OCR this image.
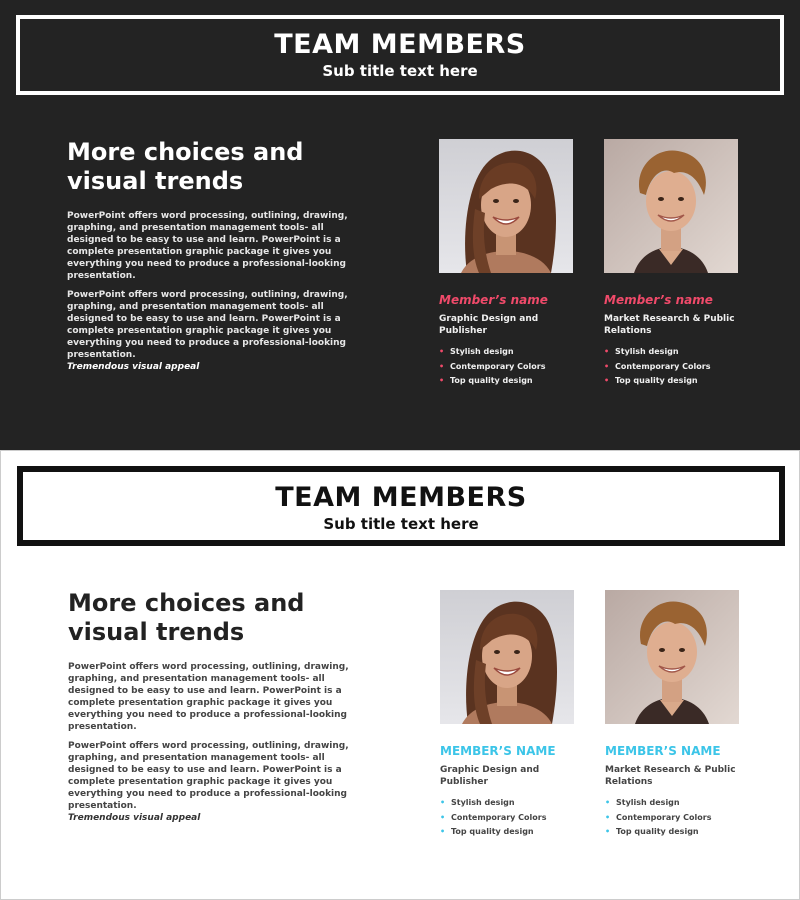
TEAM MEMBERS
Sub title text here
More choices and visual trends

PowerPoint offers word processing, outlining, drawing, graphing, and presentation management tools- all designed to be easy to use and learn. PowerPoint is a complete presentation graphic package it gives you everything you need to produce a professional-looking presentation.

PowerPoint offers word processing, outlining, drawing, graphing, and presentation management tools- all designed to be easy to use and learn. PowerPoint is a complete presentation graphic package it gives you everything you need to produce a professional-looking presentation.

Tremendous visual appeal
Member’s name
Graphic Design and Publisher
• Stylish design
• Contemporary Colors
• Top quality design
Member’s name
Market Research & Public Relations
• Stylish design
• Contemporary Colors
• Top quality design
TEAM MEMBERS
Sub title text here
More choices and visual trends

PowerPoint offers word processing, outlining, drawing, graphing, and presentation management tools- all designed to be easy to use and learn. PowerPoint is a complete presentation graphic package it gives you everything you need to produce a professional-looking presentation.

PowerPoint offers word processing, outlining, drawing, graphing, and presentation management tools- all designed to be easy to use and learn. PowerPoint is a complete presentation graphic package it gives you everything you need to produce a professional-looking presentation.

Tremendous visual appeal
MEMBER’S NAME
Graphic Design and Publisher
• Stylish design
• Contemporary Colors
• Top quality design
MEMBER’S NAME
Market Research & Public Relations
• Stylish design
• Contemporary Colors
• Top quality design
